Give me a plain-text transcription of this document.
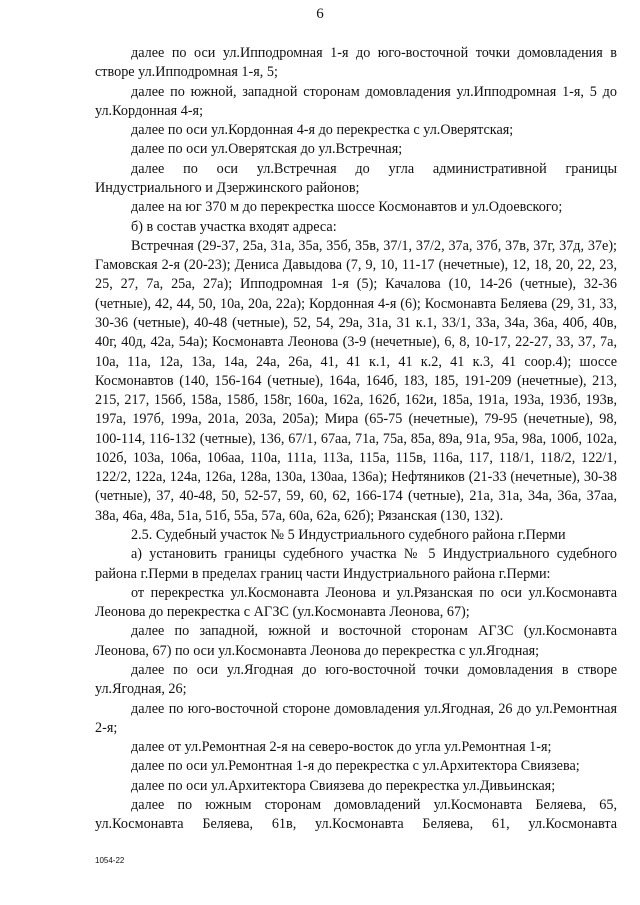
6

далее по оси ул.Ипподромная 1-я до юго-восточной точки домовладения в створе ул.Ипподромная 1-я, 5;

далее по южной, западной сторонам домовладения ул.Ипподромная 1-я, 5 до ул.Кордонная 4-я;

далее по оси ул.Кордонная 4-я до перекрестка с ул.Оверятская;

далее по оси ул.Оверятская до ул.Встречная;

далее по оси ул.Встречная до угла административной границы Индустриального и Дзержинского районов;

далее на юг 370 м до перекрестка шоссе Космонавтов и ул.Одоевского;

б) в состав участка входят адреса:

Встречная (29-37, 25а, 31а, 35а, 35б, 35в, 37/1, 37/2, 37а, 37б, 37в, 37г, 37д, 37е); Гамовская 2-я (20-23); Дениса Давыдова (7, 9, 10, 11-17 (нечетные), 12, 18, 20, 22, 23, 25, 27, 7а, 25а, 27а); Ипподромная 1-я (5); Качалова (10, 14-26 (четные), 32-36 (четные), 42, 44, 50, 10а, 20а, 22а); Кордонная 4-я (6); Космонавта Беляева (29, 31, 33, 30-36 (четные), 40-48 (четные), 52, 54, 29а, 31а, 31 к.1, 33/1, 33а, 34а, 36а, 40б, 40в, 40г, 40д, 42а, 54а); Космонавта Леонова (3-9 (нечетные), 6, 8, 10-17, 22-27, 33, 37, 7а, 10а, 11а, 12а, 13а, 14а, 24а, 26а, 41, 41 к.1, 41 к.2, 41 к.3, 41 соор.4); шоссе Космонавтов (140, 156-164 (четные), 164а, 164б, 183, 185, 191-209 (нечетные), 213, 215, 217, 156б, 158а, 158б, 158г, 160а, 162а, 162б, 162и, 185а, 191а, 193а, 193б, 193в, 197а, 197б, 199а, 201а, 203а, 205а); Мира (65-75 (нечетные), 79-95 (нечетные), 98, 100-114, 116-132 (четные), 136, 67/1, 67аа, 71а, 75а, 85а, 89а, 91а, 95а, 98а, 100б, 102а, 102б, 103а, 106а, 106аа, 110а, 111а, 113а, 115а, 115в, 116а, 117, 118/1, 118/2, 122/1, 122/2, 122а, 124а, 126а, 128а, 130а, 130аа, 136а); Нефтяников (21-33 (нечетные), 30-38 (четные), 37, 40-48, 50, 52-57, 59, 60, 62, 166-174 (четные), 21а, 31а, 34а, 36а, 37аа, 38а, 46а, 48а, 51а, 51б, 55а, 57а, 60а, 62а, 62б); Рязанская (130, 132).

2.5. Судебный участок № 5 Индустриального судебного района г.Перми

а) установить границы судебного участка № 5 Индустриального судебного района г.Перми в пределах границ части Индустриального района г.Перми:

от перекрестка ул.Космонавта Леонова и ул.Рязанская по оси ул.Космонавта Леонова до перекрестка с АГЗС (ул.Космонавта Леонова, 67);

далее по западной, южной и восточной сторонам АГЗС (ул.Космонавта Леонова, 67) по оси ул.Космонавта Леонова до перекрестка с ул.Ягодная;

далее по оси ул.Ягодная до юго-восточной точки домовладения в створе ул.Ягодная, 26;

далее по юго-восточной стороне домовладения ул.Ягодная, 26 до ул.Ремонтная 2-я;

далее от ул.Ремонтная 2-я на северо-восток до угла ул.Ремонтная 1-я;

далее по оси ул.Ремонтная 1-я до перекрестка с ул.Архитектора Свиязева;

далее по оси ул.Архитектора Свиязева до перекрестка ул.Дивьинская;

далее по южным сторонам домовладений ул.Космонавта Беляева, 65, ул.Космонавта Беляева, 61в, ул.Космонавта Беляева, 61, ул.Космонавта

1054-22
